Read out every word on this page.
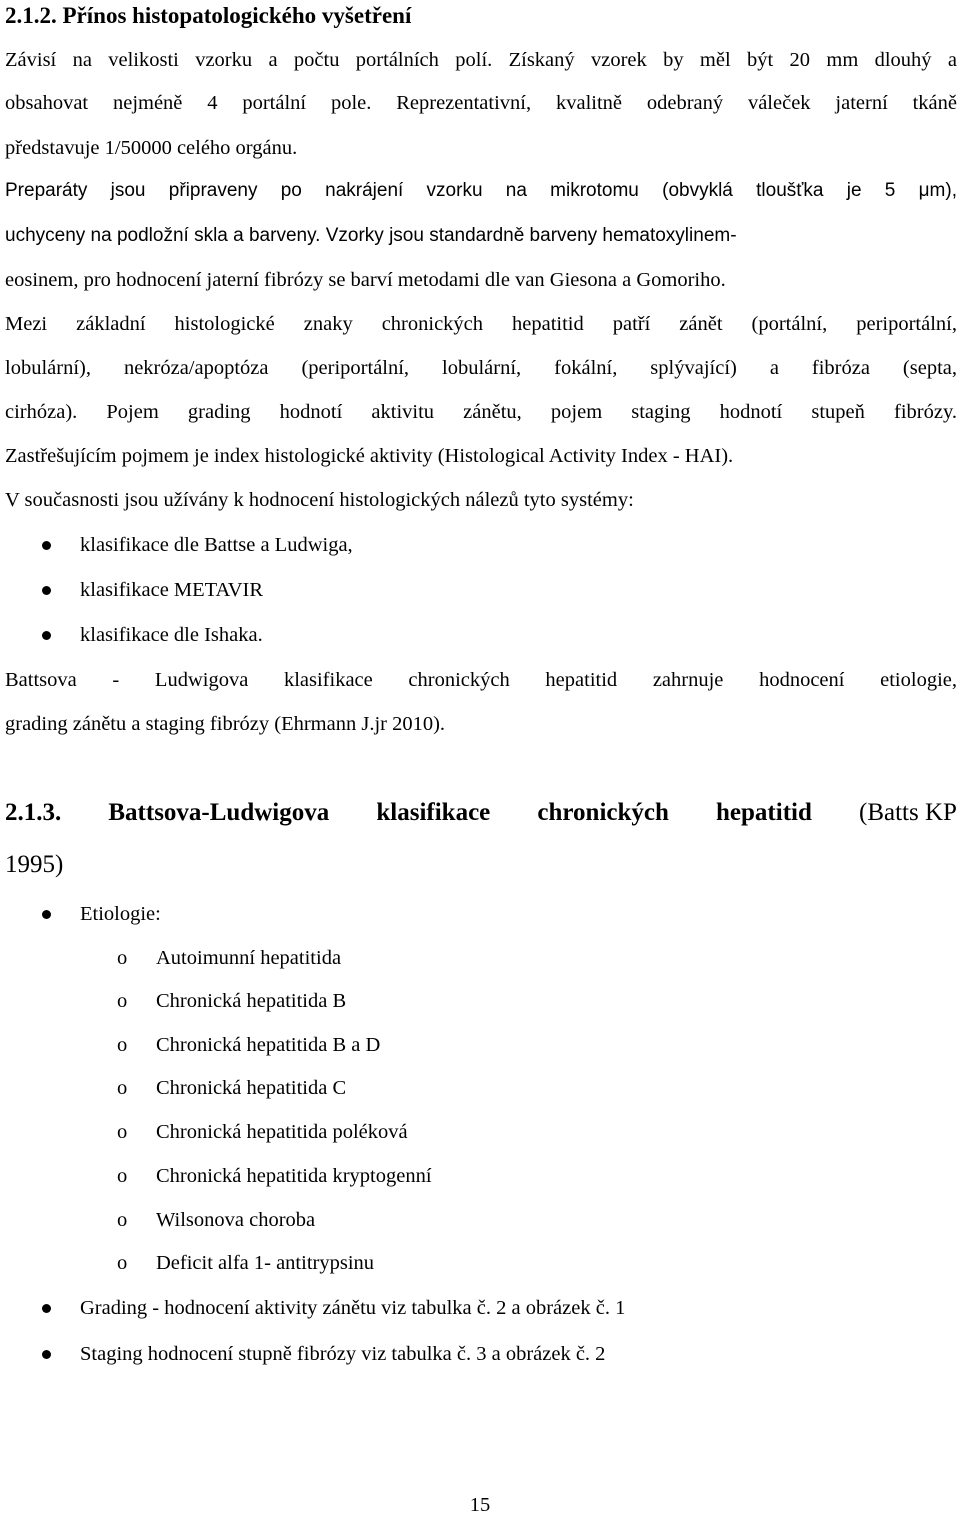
2.1.2. Přínos histopatologického vyšetření
Závisí na velikosti vzorku a počtu portálních polí. Získaný vzorek by měl být 20 mm dlouhý a
obsahovat nejméně 4 portální pole. Reprezentativní, kvalitně odebraný váleček jaterní tkáně
představuje 1/50000 celého orgánu.
Preparáty jsou připraveny po nakrájení vzorku na mikrotomu (obvyklá tloušťka je 5 μm),
uchyceny na podložní skla a barveny. Vzorky jsou standardně barveny hematoxylinem-
eosinem, pro hodnocení jaterní fibrózy se barví metodami dle van Giesona a Gomoriho.
Mezi základní histologické znaky chronických hepatitid patří zánět (portální, periportální,
lobulární), nekróza/apoptóza (periportální, lobulární, fokální, splývající) a fibróza (septa,
cirhóza). Pojem grading hodnotí aktivitu zánětu, pojem staging hodnotí stupeň fibrózy.
Zastřešujícím pojmem je index histologické aktivity (Histological Activity Index - HAI).
V současnosti jsou užívány k hodnocení histologických nálezů tyto systémy:
klasifikace dle Battse a Ludwiga,
klasifikace METAVIR
klasifikace dle Ishaka.
Battsova - Ludwigova klasifikace chronických hepatitid zahrnuje hodnocení etiologie,
grading zánětu a staging fibrózy (Ehrmann J.jr 2010).
2.1.3. Battsova-Ludwigova klasifikace chronických hepatitid (Batts KP
1995)
Etiologie:
o Autoimunní hepatitida
o Chronická hepatitida B
o Chronická hepatitida B a D
o Chronická hepatitida C
o Chronická hepatitida poléková
o Chronická hepatitida kryptogenní
o Wilsonova choroba
o Deficit alfa 1- antitrypsinu
Grading - hodnocení aktivity zánětu viz tabulka č. 2 a obrázek č. 1
Staging hodnocení stupně fibrózy viz tabulka č. 3 a obrázek č. 2
15
